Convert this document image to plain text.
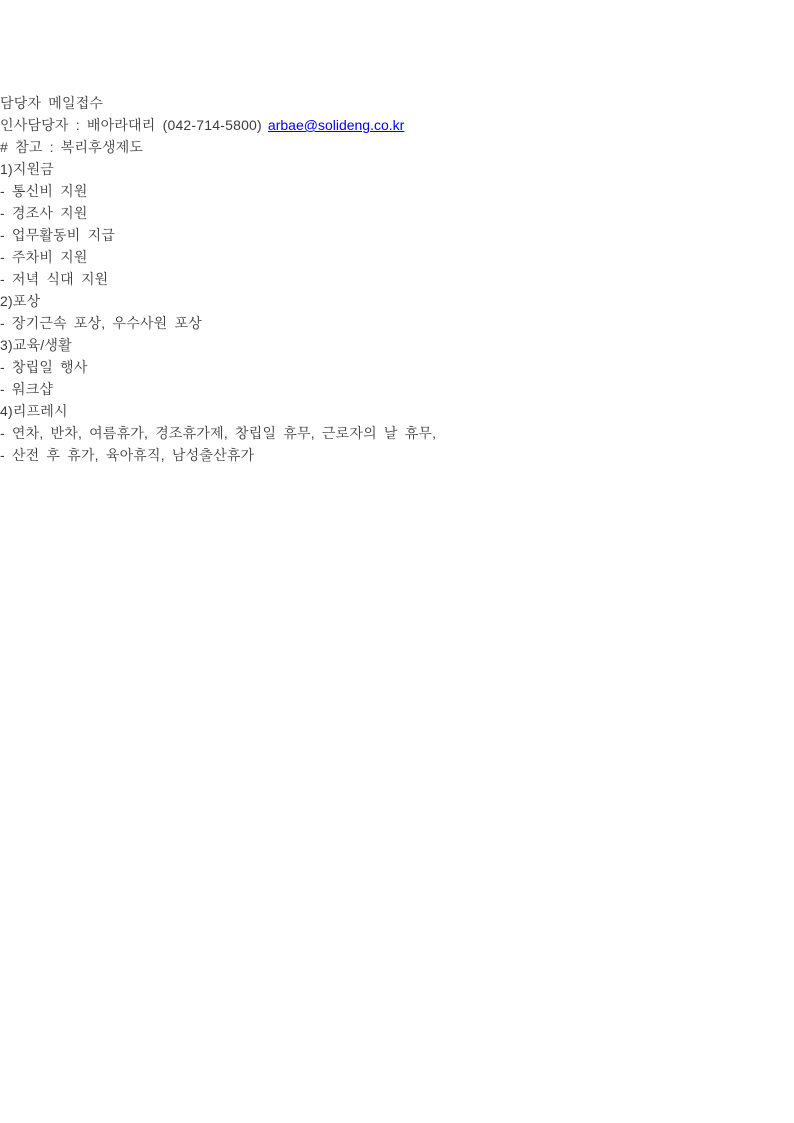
담당자 메일접수

인사담당자 : 배아라대리 (042-714-5800) arbae@solideng.co.kr

# 참고 : 복리후생제도

1)지원금

- 통신비 지원

- 경조사 지원

- 업무활동비 지급

- 주차비 지원

- 저녁 식대 지원

2)포상

- 장기근속 포상, 우수사원 포상

3)교육/생활

- 창립일 행사

- 워크샵

4)리프레시

- 연차, 반차, 여름휴가, 경조휴가제, 창립일 휴무, 근로자의 날 휴무,

- 산전 후 휴가, 육아휴직, 남성출산휴가
